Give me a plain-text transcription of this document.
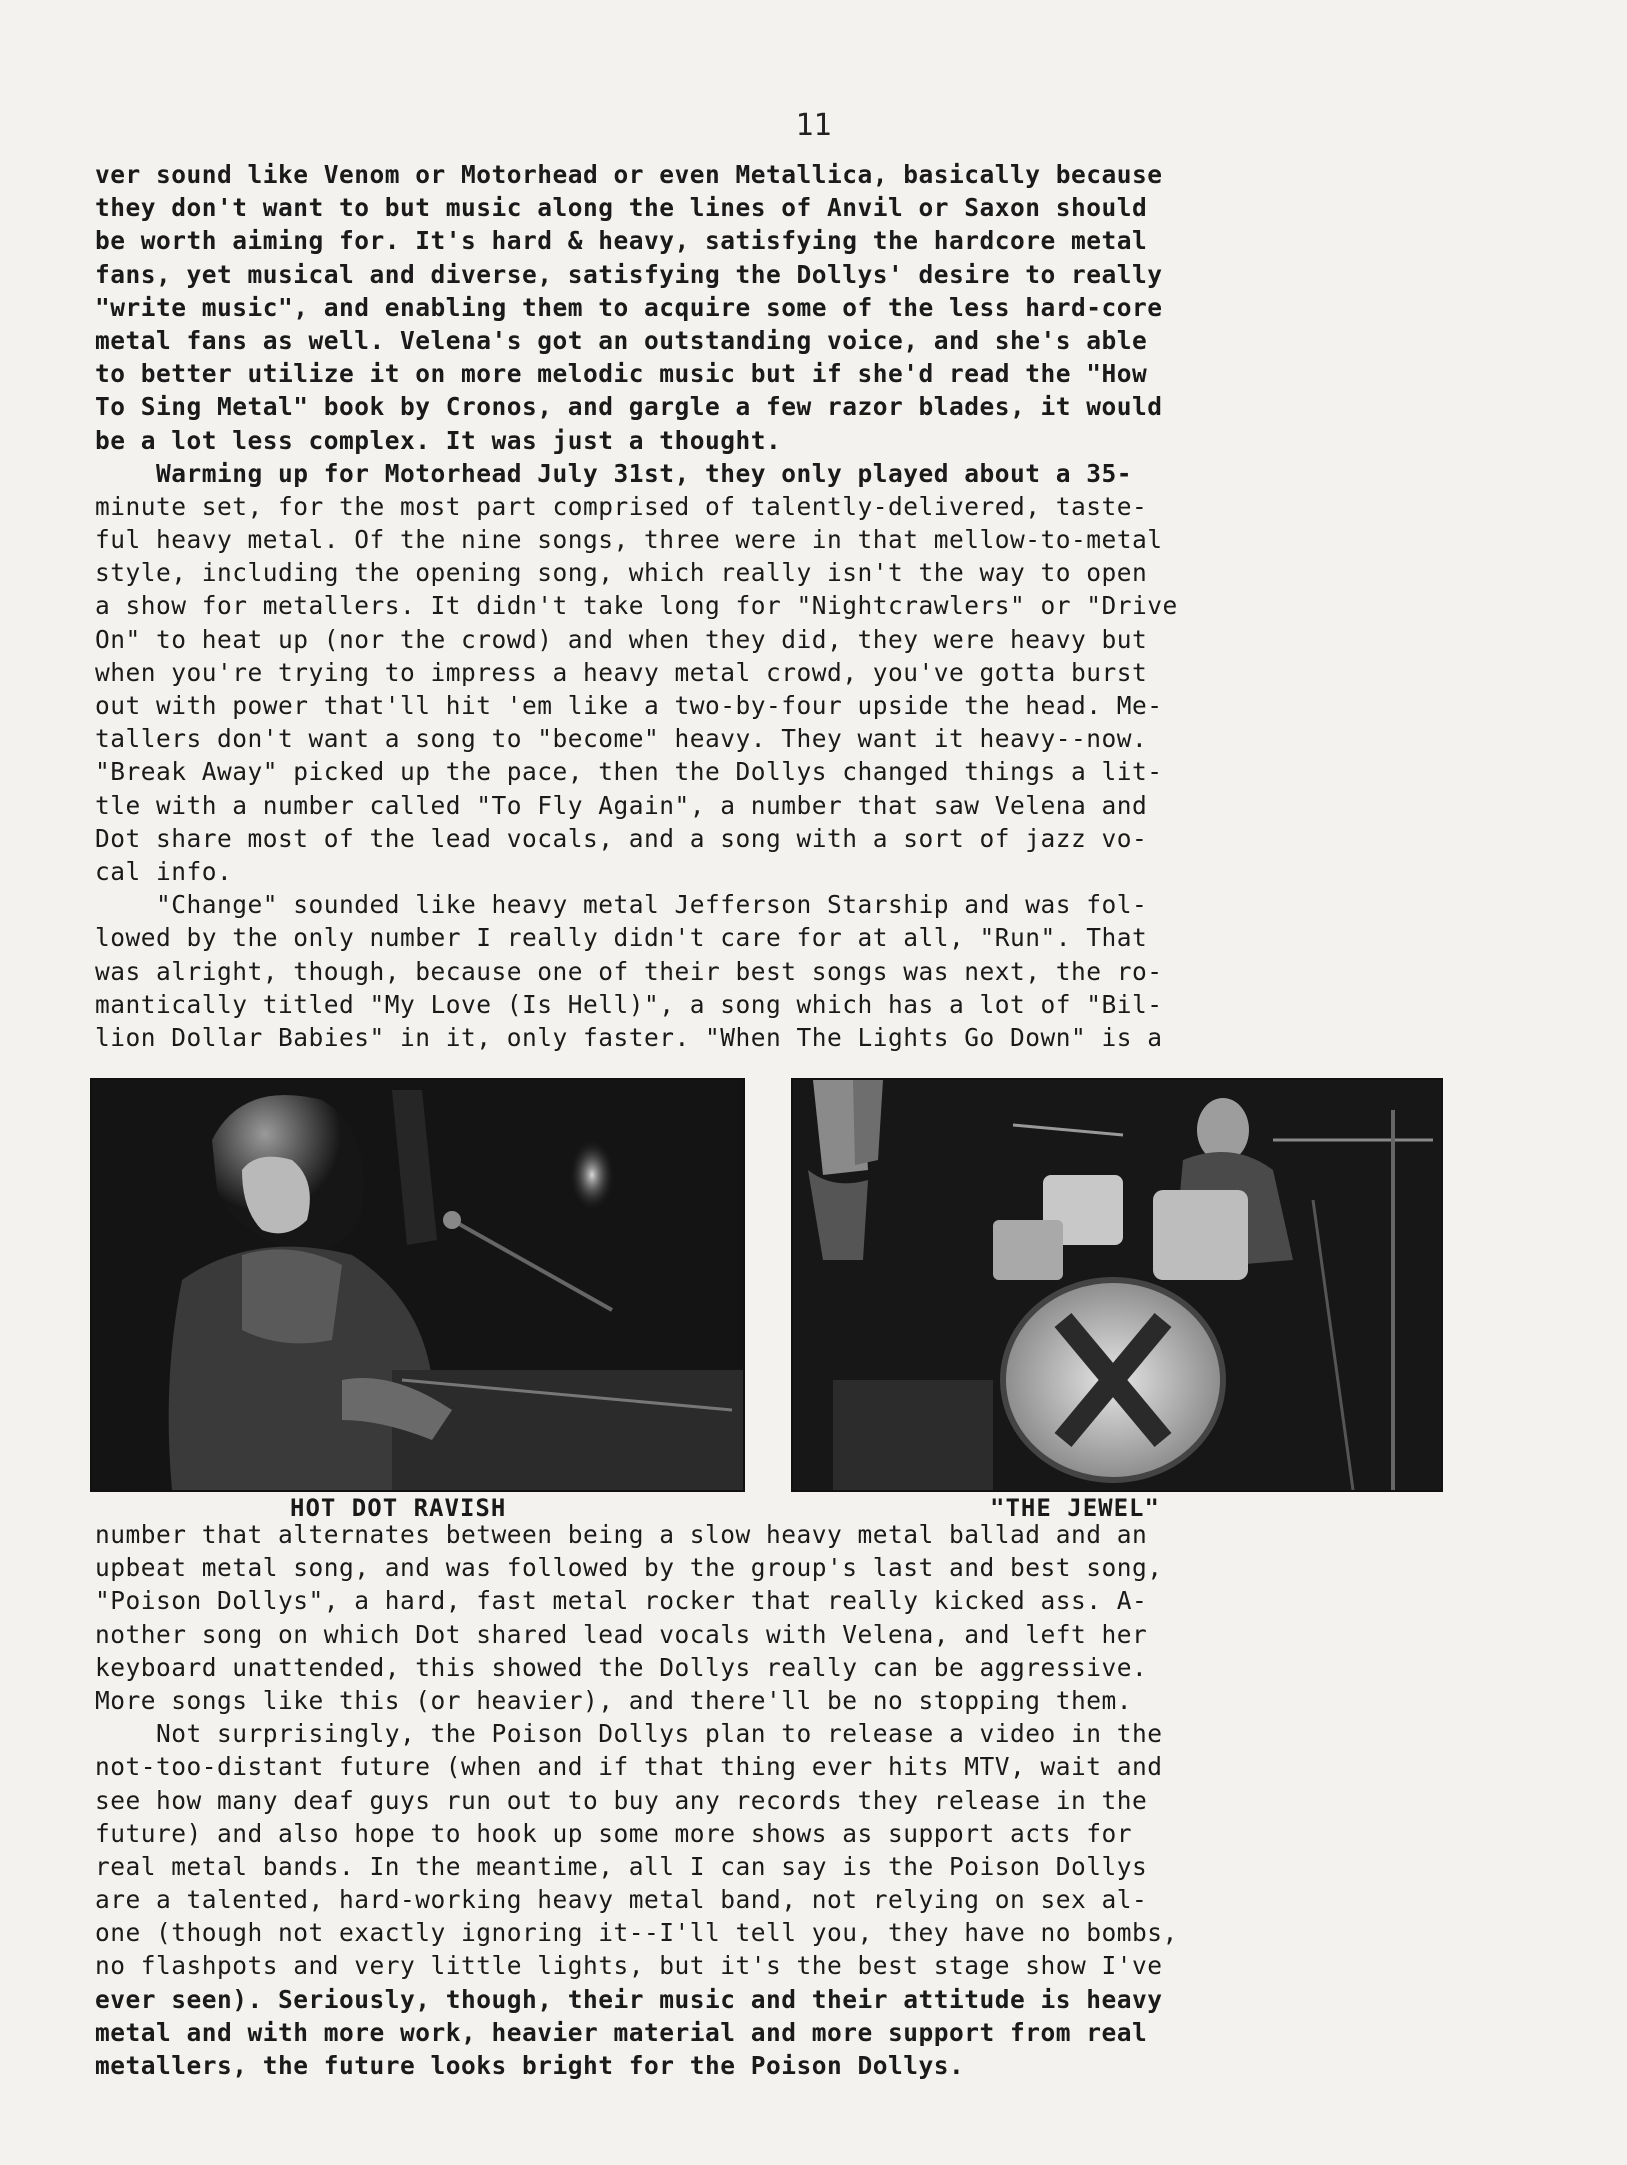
11
ver sound like Venom or Motorhead or even Metallica, basically because
they don't want to but music along the lines of Anvil or Saxon should
be worth aiming for. It's hard & heavy, satisfying the hardcore metal
fans, yet musical and diverse, satisfying the Dollys' desire to really
"write music", and enabling them to acquire some of the less hard-core
metal fans as well. Velena's got an outstanding voice, and she's able
to better utilize it on more melodic music but if she'd read the "How
To Sing Metal" book by Cronos, and gargle a few razor blades, it would
be a lot less complex. It was just a thought.
Warming up for Motorhead July 31st, they only played about a 35-
minute set, for the most part comprised of talently-delivered, taste-
ful heavy metal. Of the nine songs, three were in that mellow-to-metal
style, including the opening song, which really isn't the way to open
a show for metallers. It didn't take long for "Nightcrawlers" or "Drive
On" to heat up (nor the crowd) and when they did, they were heavy but
when you're trying to impress a heavy metal crowd, you've gotta burst
out with power that'll hit 'em like a two-by-four upside the head. Me-
tallers don't want a song to "become" heavy. They want it heavy--now.
"Break Away" picked up the pace, then the Dollys changed things a lit-
tle with a number called "To Fly Again", a number that saw Velena and
Dot share most of the lead vocals, and a song with a sort of jazz vo-
cal info.
"Change" sounded like heavy metal Jefferson Starship and was fol-
lowed by the only number I really didn't care for at all, "Run". That
was alright, though, because one of their best songs was next, the ro-
mantically titled "My Love (Is Hell)", a song which has a lot of "Bil-
lion Dollar Babies" in it, only faster. "When The Lights Go Down" is a
HOT DOT RAVISH	"THE JEWEL"
number that alternates between being a slow heavy metal ballad and an
upbeat metal song, and was followed by the group's last and best song,
"Poison Dollys", a hard, fast metal rocker that really kicked ass. A-
nother song on which Dot shared lead vocals with Velena, and left her
keyboard unattended, this showed the Dollys really can be aggressive.
More songs like this (or heavier), and there'll be no stopping them.
Not surprisingly, the Poison Dollys plan to release a video in the
not-too-distant future (when and if that thing ever hits MTV, wait and
see how many deaf guys run out to buy any records they release in the
future) and also hope to hook up some more shows as support acts for
real metal bands. In the meantime, all I can say is the Poison Dollys
are a talented, hard-working heavy metal band, not relying on sex al-
one (though not exactly ignoring it--I'll tell you, they have no bombs,
no flashpots and very little lights, but it's the best stage show I've
ever seen). Seriously, though, their music and their attitude is heavy
metal and with more work, heavier material and more support from real
metallers, the future looks bright for the Poison Dollys.
